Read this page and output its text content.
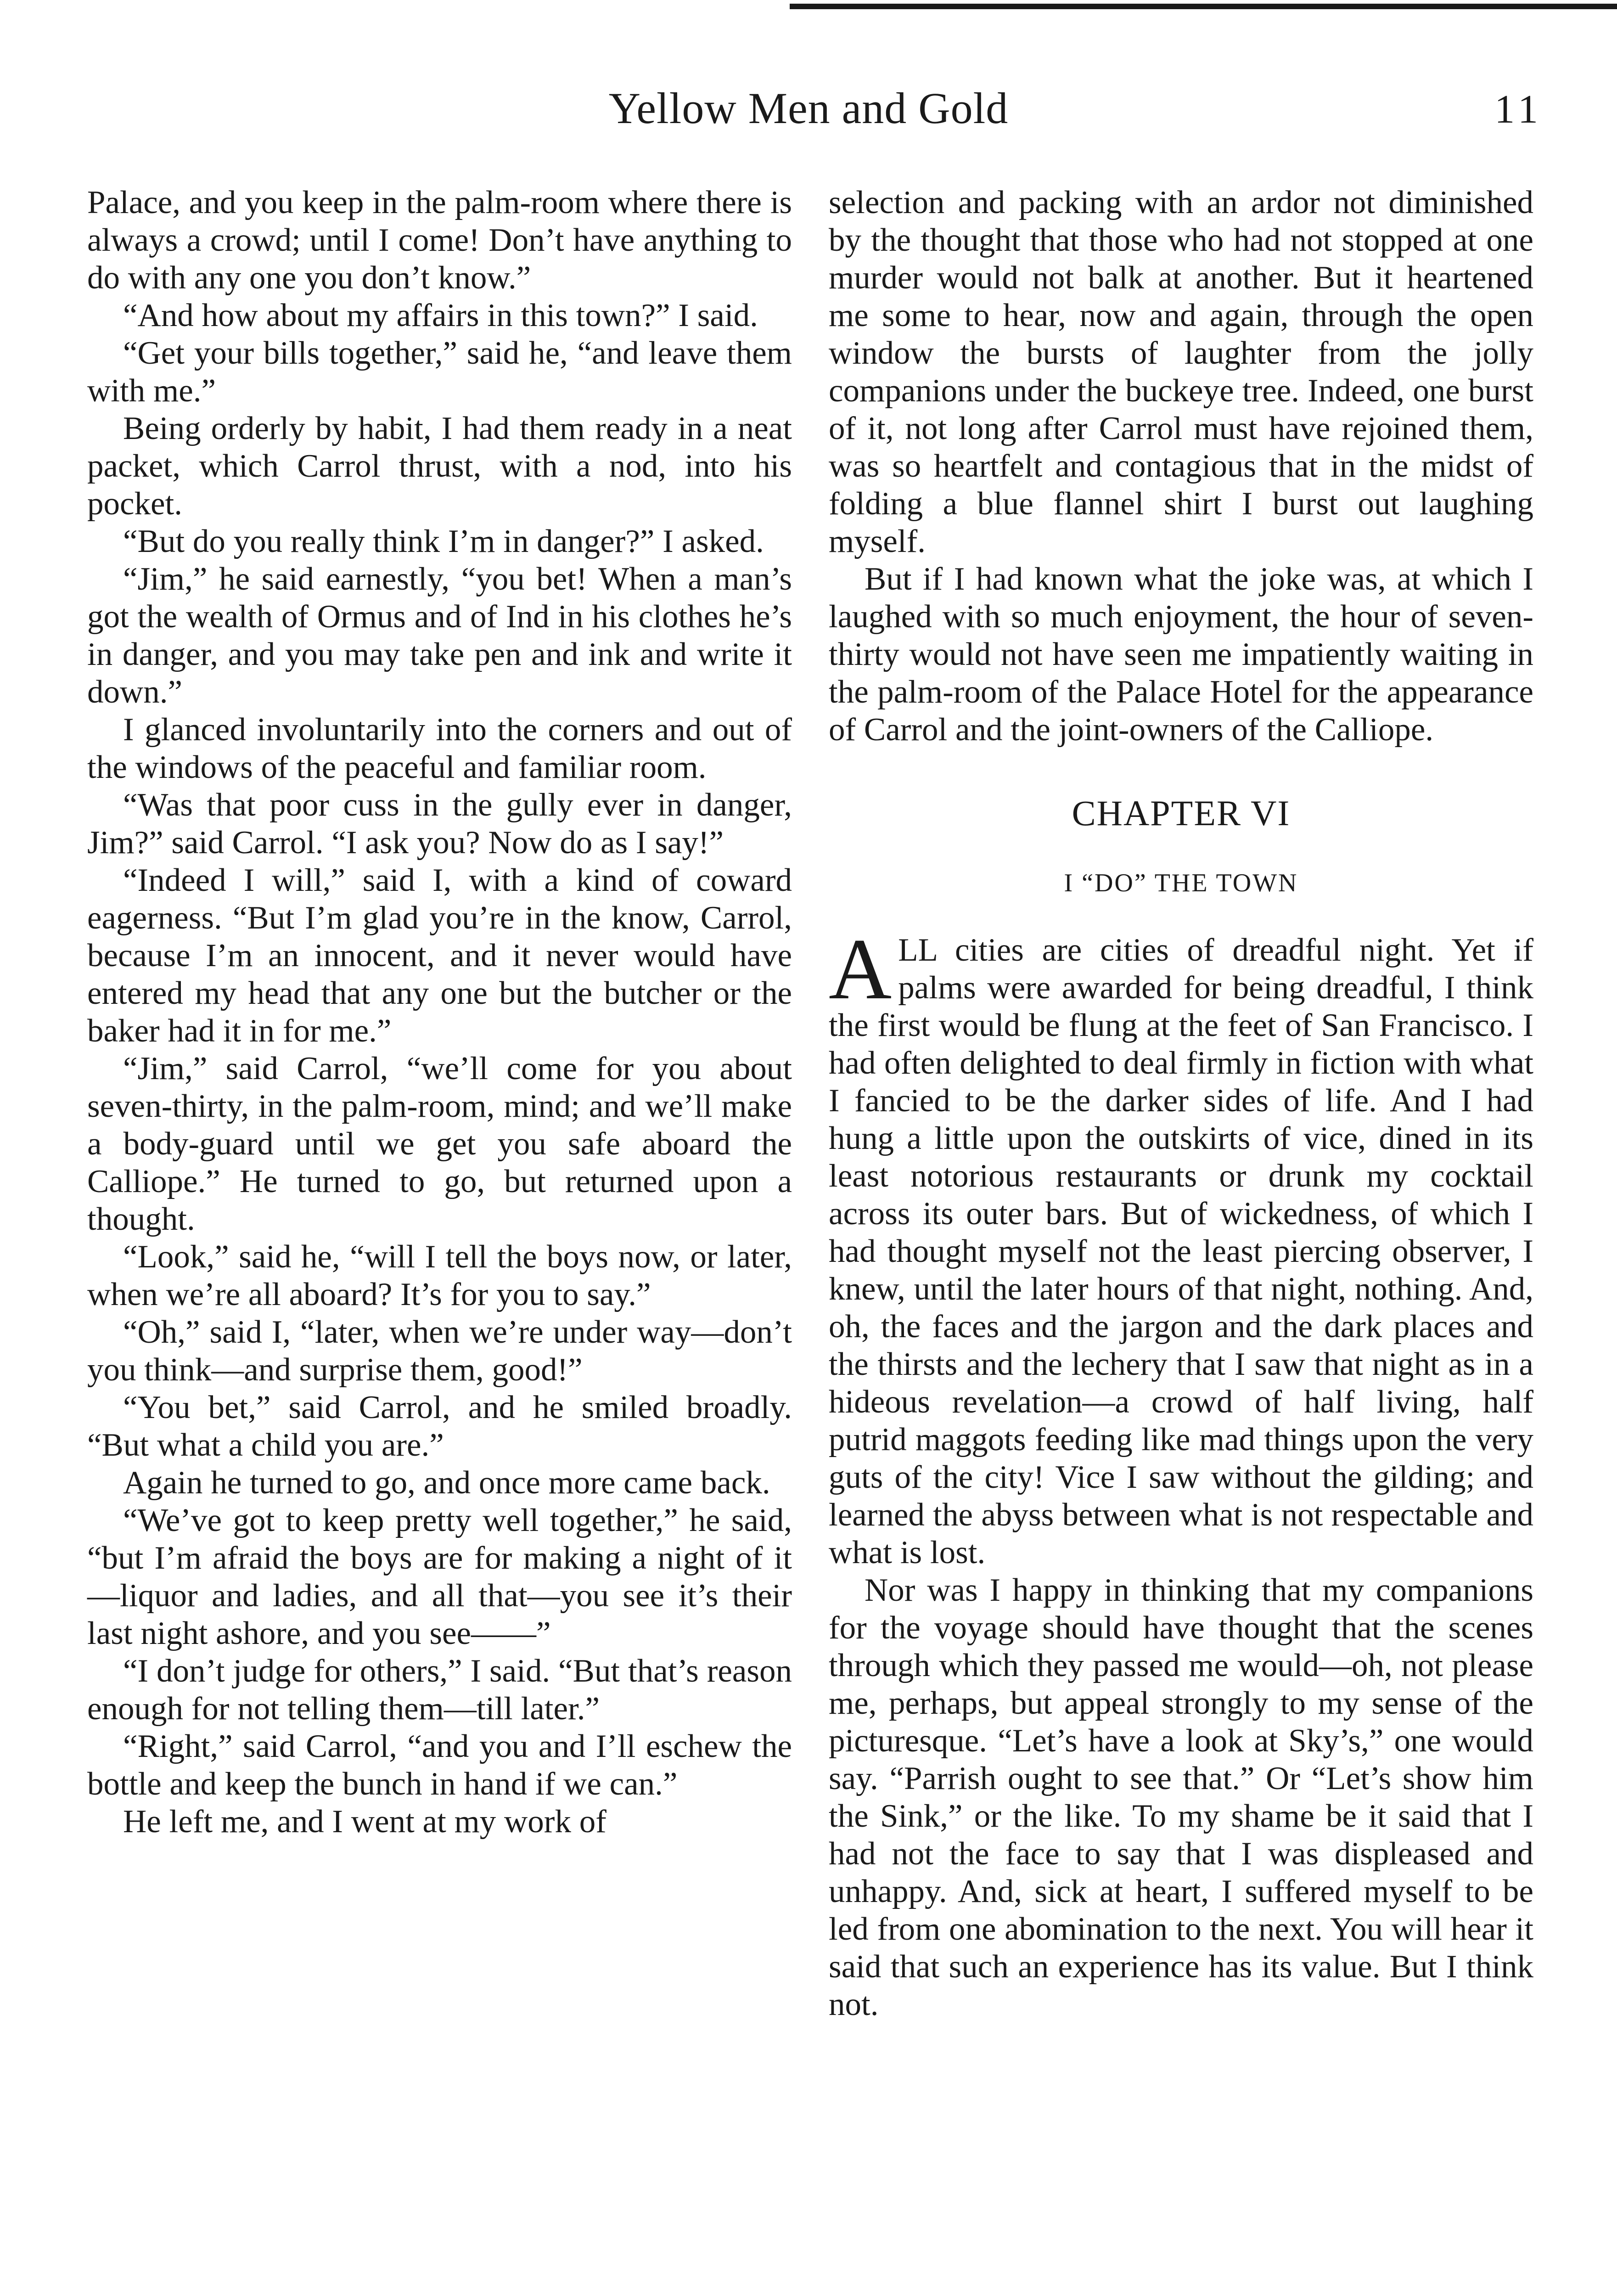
Yellow Men and Gold	11

Palace, and you keep in the palm-room where there is always a crowd; until I come! Don’t have anything to do with any one you don’t know.”

“And how about my affairs in this town?” I said.

“Get your bills together,” said he, “and leave them with me.”

Being orderly by habit, I had them ready in a neat packet, which Carrol thrust, with a nod, into his pocket.

“But do you really think I’m in danger?” I asked.

“Jim,” he said earnestly, “you bet! When a man’s got the wealth of Ormus and of Ind in his clothes he’s in danger, and you may take pen and ink and write it down.”

I glanced involuntarily into the corners and out of the windows of the peaceful and familiar room.

“Was that poor cuss in the gully ever in danger, Jim?” said Carrol. “I ask you? Now do as I say!”

“Indeed I will,” said I, with a kind of coward eagerness. “But I’m glad you’re in the know, Carrol, because I’m an innocent, and it never would have entered my head that any one but the butcher or the baker had it in for me.”

“Jim,” said Carrol, “we’ll come for you about seven-thirty, in the palm-room, mind; and we’ll make a body-guard until we get you safe aboard the Calliope.” He turned to go, but returned upon a thought.

“Look,” said he, “will I tell the boys now, or later, when we’re all aboard? It’s for you to say.”

“Oh,” said I, “later, when we’re under way—don’t you think—and surprise them, good!”

“You bet,” said Carrol, and he smiled broadly. “But what a child you are.”

Again he turned to go, and once more came back.

“We’ve got to keep pretty well together,” he said, “but I’m afraid the boys are for making a night of it—liquor and ladies, and all that—you see it’s their last night ashore, and you see——”

“I don’t judge for others,” I said. “But that’s reason enough for not telling them—till later.”

“Right,” said Carrol, “and you and I’ll eschew the bottle and keep the bunch in hand if we can.”

He left me, and I went at my work of

selection and packing with an ardor not diminished by the thought that those who had not stopped at one murder would not balk at another. But it heartened me some to hear, now and again, through the open window the bursts of laughter from the jolly companions under the buckeye tree. Indeed, one burst of it, not long after Carrol must have rejoined them, was so heartfelt and contagious that in the midst of folding a blue flannel shirt I burst out laughing myself.

But if I had known what the joke was, at which I laughed with so much enjoyment, the hour of seven-thirty would not have seen me impatiently waiting in the palm-room of the Palace Hotel for the appearance of Carrol and the joint-owners of the Calliope.

CHAPTER VI
I “DO” THE TOWN

ALL cities are cities of dreadful night. Yet if palms were awarded for being dreadful, I think the first would be flung at the feet of San Francisco. I had often delighted to deal firmly in fiction with what I fancied to be the darker sides of life. And I had hung a little upon the outskirts of vice, dined in its least notorious restaurants or drunk my cocktail across its outer bars. But of wickedness, of which I had thought myself not the least piercing observer, I knew, until the later hours of that night, nothing. And, oh, the faces and the jargon and the dark places and the thirsts and the lechery that I saw that night as in a hideous revelation—a crowd of half living, half putrid maggots feeding like mad things upon the very guts of the city! Vice I saw without the gilding; and learned the abyss between what is not respectable and what is lost.

Nor was I happy in thinking that my companions for the voyage should have thought that the scenes through which they passed me would—oh, not please me, perhaps, but appeal strongly to my sense of the picturesque. “Let’s have a look at Sky’s,” one would say. “Parrish ought to see that.” Or “Let’s show him the Sink,” or the like. To my shame be it said that I had not the face to say that I was displeased and unhappy. And, sick at heart, I suffered myself to be led from one abomination to the next. You will hear it said that such an experience has its value. But I think not.
